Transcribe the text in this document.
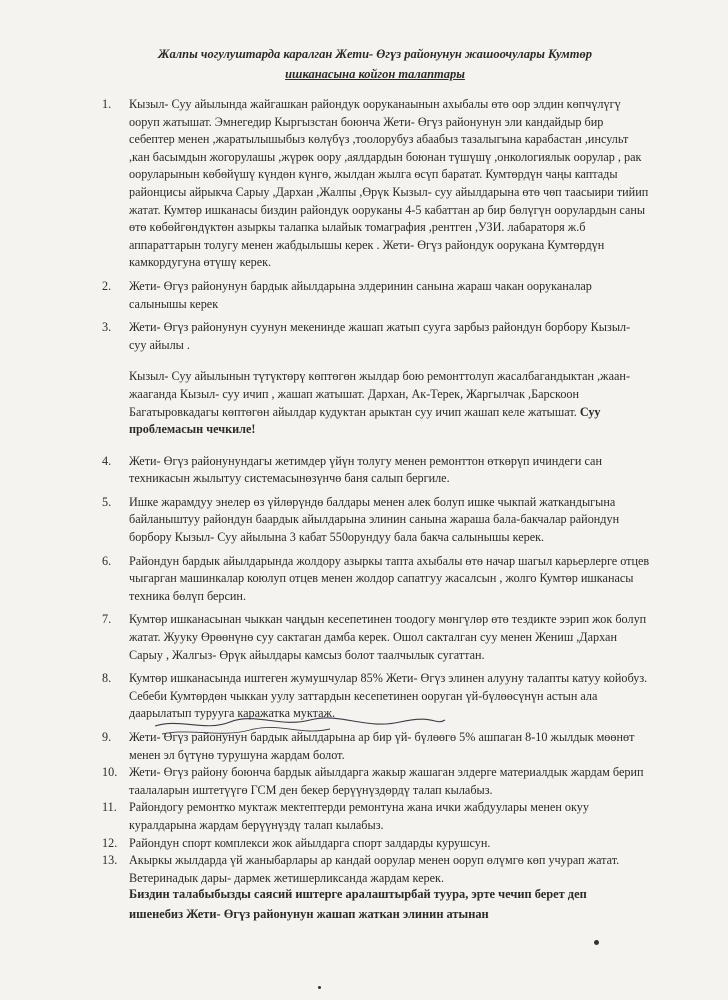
Жалпы чогулуштарда каралган Жети- Өгүз районунун жашоочулары Кумтөр
ишканасына койгон талаптары
1.	Кызыл- Суу айылында жайгашкан райондук ооруканаынын ахыбалы өтө оор элдин көпчүлүгү ооруп жатышат. Эмнегедир Кыргызстан боюнча Жети- Өгүз районунун эли кандайдыр бир себептер менен ,жаратылышыбыз көлүбүз ,тоолорубуз абаабыз тазалыгына карабастан ,инсульт ,кан басымдын жогорулашы ,жүрөк оору ,аялдардын боюнан түшүшү ,онкологиялык оорулар , рак ооруларынын көбөйүшү күндөн күнгө, жылдан жылга өсүп баратат. Кумтөрдүн чаңы каптады районцисы айрыкча Сарыу ,Дархан ,Жалпы ,Өрүк Кызыл- суу айылдарына өтө чөп таасыири тийип жатат. Кумтөр ишканасы биздин райондук ооруканы 4-5 кабаттан ар бир бөлүгүн оорулардын саны өтө көбөйгөндүктөн азыркы талапка ылайык томаграфия ,рентген ,УЗИ. лабараторя ж.б аппараттарын толугу менен жабдылышы керек . Жети- Өгүз райондук оорукана Кумтөрдүн камкордугуна өтүшү керек.
2.	Жети- Өгүз районунун бардык айылдарына элдеринин санына жараш чакан ооруканалар салынышы керек
3.	Жети- Өгүз районунун суунун мекенинде жашап жатып сууга зарбыз райондун борбору Кызыл- суу айылы .
Кызыл- Суу айылынын түтүктөрү көптөгөн жылдар бою ремонттолуп жасалбагандыктан ,жаан- жааганда Кызыл- суу ичип , жашап жатышат. Дархан, Ак-Терек, Жаргылчак ,Барскоон Багатыровкадагы көптөгөн айылдар кудуктан арыктан суу ичип жашап келе жатышат. Суу проблемасын чечкиле!
4.	Жети- Өгүз районунундагы жетимдер үйүн толугу менен ремонттон өткөрүп ичиндеги сан техникасын жылытуу системасынөзүнчө баня салып бергиле.
5.	Ишке жарамдуу энелер өз үйлөрүндө балдары менен алек болуп ишке чыкпай жаткандыгына байланыштуу райондун баардык айылдарына элинин санына жараша бала-бакчалар райондун борбору Кызыл- Суу айылына 3 кабат 550орундуу бала бакча салынышы керек.
6.	Райондун бардык айылдарында жолдору азыркы тапта ахыбалы өтө начар шагыл карьерлерге отцев чыгарган машинкалар коюлуп отцев менен жолдор сапатгуу жасалсын , жолго Кумтөр ишканасы техника бөлүп берсин.
7.	Кумтөр ишканасынан чыккан чаңдын кесепетинен тоодогу мөнгүлөр өтө тездикте ээрип жок болуп жатат. Жууку Өрөөнүнө суу сактаган дамба керек. Ошол сакталган суу менен Жениш ,Дархан Сарыу , Жалгыз- Өрүк айылдары камсыз болот таалчылык сугаттан.
8.	Кумтөр ишканасында иштеген жумушчулар 85% Жети- Өгүз элинен алууну талапты катуу койобуз. Себеби Кумтөрдөн чыккан уулу заттардын кесепетинен ооруган үй-бүлөөсүнүн астын ала даарылатып турууга каражатка муктаж.
9.	Жети- Өгүз районунун бардык айылдарына ар бир үй- бүлөөгө 5% ашпаган 8-10 жылдык мөөнөт менен эл бүтүнө турушуна жардам болот.
10. Жети- Өгүз району боюнча бардык айылдарга жакыр жашаган элдерге материалдык жардам берип таалаларын иштетүүгө ГСМ ден бекер берүүнүздөрдү талап кылабыз.
11.	Райондогу ремонтко муктаж мектептерди ремонтуна жана ички жабдуулары менен окуу куралдарына жардам берүүнүздү талап кылабыз.
12. Райондун спорт комплекси жок айылдарга спорт залдарды курушсун.
13. Акыркы жылдарда үй жаныбарлары ар кандай оорулар менен ооруп өлүмгө көп учурап жатат. Ветеринадык дары- дармек жетишерликсанда жардам керек.
Биздин талабыбызды саясий иштерге аралаштырбай туура, эрте чечип берет деп ишенебиз Жети- Өгүз районунун жашап жаткан элинин атынан
